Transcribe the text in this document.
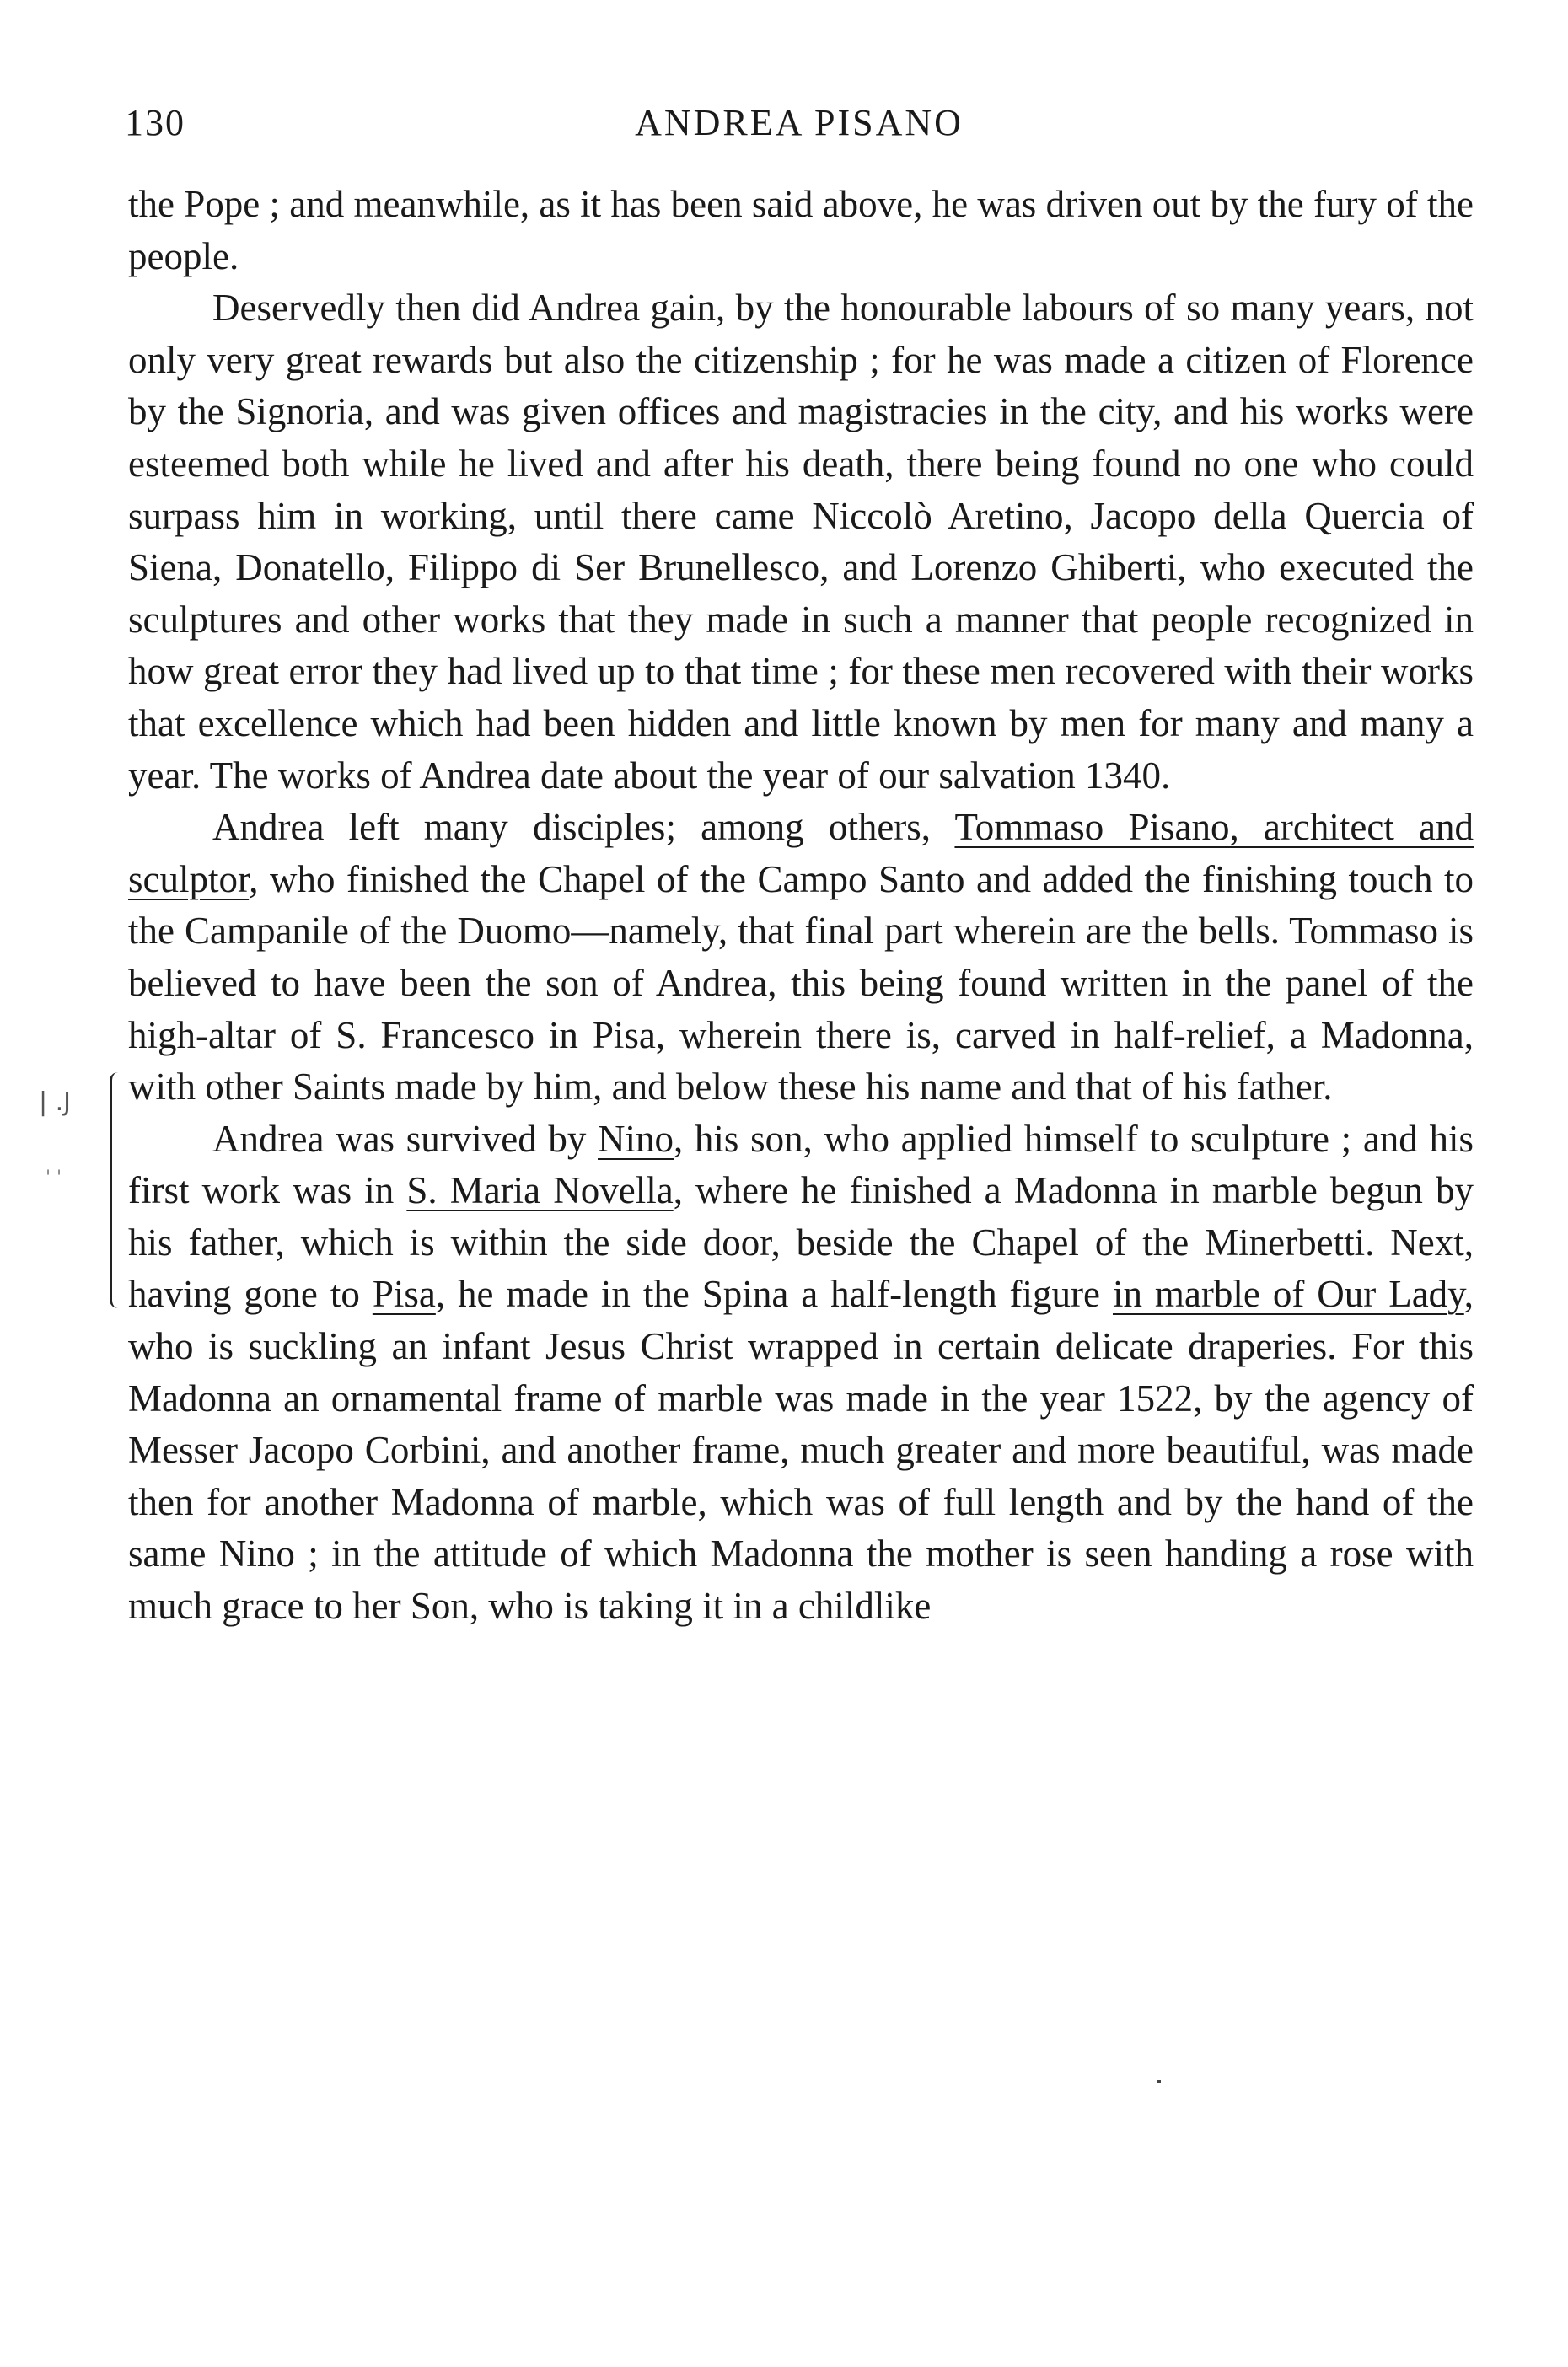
130	ANDREA PISANO
| .J
' '

the Pope ; and meanwhile, as it has been said above, he was driven out by the fury of the people.

Deservedly then did Andrea gain, by the honourable labours of so many years, not only very great rewards but also the citizenship ; for he was made a citizen of Florence by the Signoria, and was given offices and magistracies in the city, and his works were esteemed both while he lived and after his death, there being found no one who could surpass him in working, until there came Niccolò Aretino, Jacopo della Quercia of Siena, Donatello, Filippo di Ser Brunellesco, and Lorenzo Ghiberti, who executed the sculptures and other works that they made in such a manner that people recognized in how great error they had lived up to that time ; for these men recovered with their works that excellence which had been hidden and little known by men for many and many a year. The works of Andrea date about the year of our salvation 1340.

Andrea left many disciples; among others, Tommaso Pisano, architect and sculptor, who finished the Chapel of the Campo Santo and added the finishing touch to the Campanile of the Duomo—namely, that final part wherein are the bells. Tommaso is believed to have been the son of Andrea, this being found written in the panel of the high-altar of S. Francesco in Pisa, wherein there is, carved in half-relief, a Madonna, with other Saints made by him, and below these his name and that of his father.

Andrea was survived by Nino, his son, who applied himself to sculpture ; and his first work was in S. Maria Novella, where he finished a Madonna in marble begun by his father, which is within the side door, beside the Chapel of the Minerbetti. Next, having gone to Pisa, he made in the Spina a half-length figure in marble of Our Lady, who is suckling an infant Jesus Christ wrapped in certain delicate draperies. For this Madonna an ornamental frame of marble was made in the year 1522, by the agency of Messer Jacopo Corbini, and another frame, much greater and more beautiful, was made then for another Madonna of marble, which was of full length and by the hand of the same Nino ; in the attitude of which Madonna the mother is seen handing a rose with much grace to her Son, who is taking it in a childlike
